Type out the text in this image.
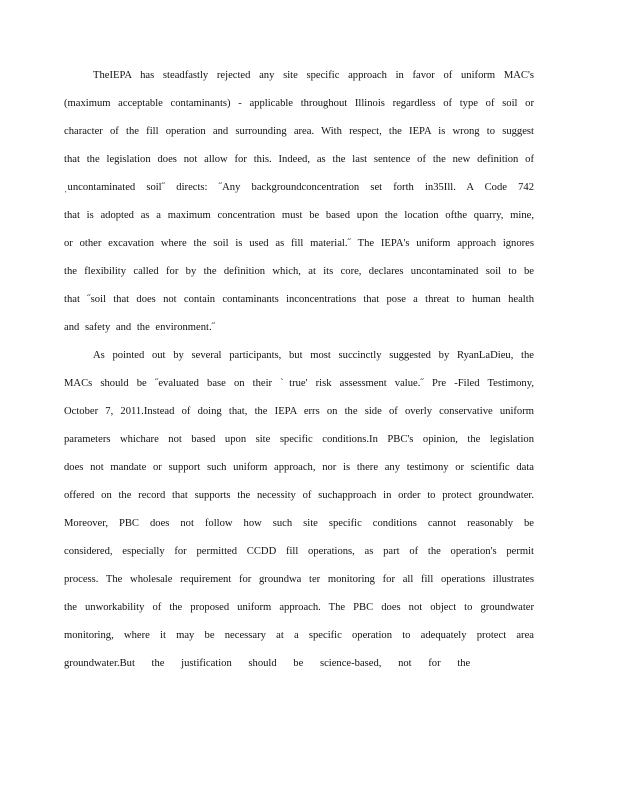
TheIEPA has steadfastly rejected any site specific approach in favor of uniform MAC's
(maximum acceptable contaminants) - applicable throughout Illinois regardless of type of soil or
character of the fill operation and surrounding area. With respect, the IEPA is wrong to suggest
that the legislation does not allow for this. Indeed, as the last sentence of the new definition of
ˌuncontaminated soil˝ directs: ˝Any backgroundconcentration set forth in35Ill. A Code 742
that is adopted as a maximum concentration must be based upon the location ofthe quarry, mine,
or other excavation where the soil is used as fill material.˝ The IEPA's uniform approach ignores
the flexibility called for by the definition which, at its core, declares uncontaminated soil to be
that ˝soil that does not contain contaminants inconcentrations that pose a threat to human health
and safety and the environment.˝
As pointed out by several participants, but most succinctly suggested by RyanLaDieu, the
MACs should be ˝evaluated base on their ˋtrue' risk assessment value.˝ Pre -Filed Testimony,
October 7, 2011.Instead of doing that, the IEPA errs on the side of overly conservative uniform
parameters whichare not based upon site specific conditions.In PBC's opinion, the legislation
does not mandate or support such uniform approach, nor is there any testimony or scientific data
offered on the record that supports the necessity of suchapproach in order to protect groundwater.
Moreover, PBC does not follow how such site specific conditions cannot reasonably be
considered, especially for permitted CCDD fill operations, as part of the operation's permit
process. The wholesale requirement for groundwa ter monitoring for all fill operations illustrates
the unworkability of the proposed uniform approach. The PBC does not object to groundwater
monitoring, where it may be necessary at a specific operation to adequately protect area
groundwater.But the justification should be science-based, not for the
